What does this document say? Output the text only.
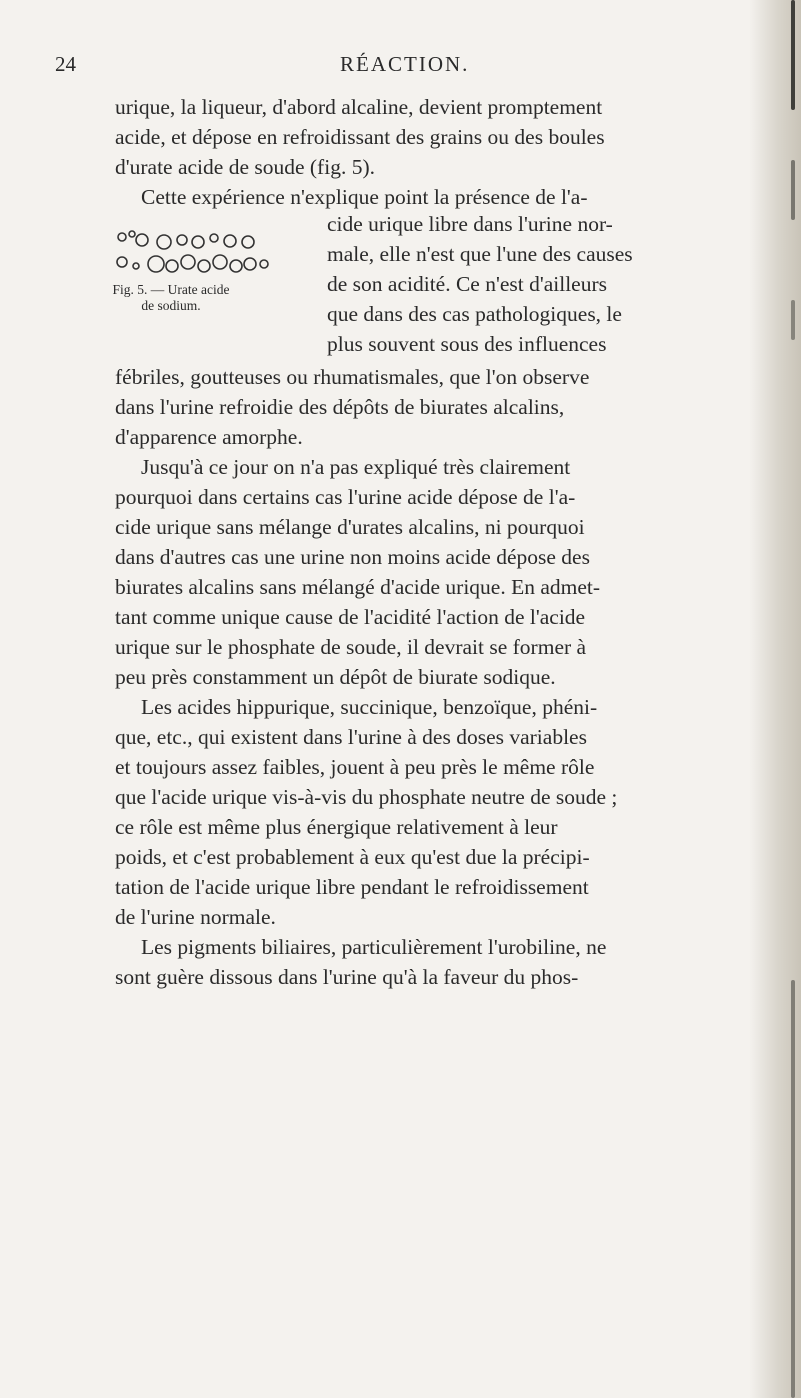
24	RÉACTION.
urique, la liqueur, d'abord alcaline, devient promptement
acide, et dépose en refroidissant des grains ou des boules
d'urate acide de soude (fig. 5).
Cette expérience n'explique point la présence de l'a-
Fig. 5. — Urate acide
de sodium.
cide urique libre dans l'urine nor-
male, elle n'est que l'une des causes
de son acidité. Ce n'est d'ailleurs
que dans des cas pathologiques, le
plus souvent sous des influences
fébriles, goutteuses ou rhumatismales, que l'on observe
dans l'urine refroidie des dépôts de biurates alcalins,
d'apparence amorphe.
Jusqu'à ce jour on n'a pas expliqué très clairement
pourquoi dans certains cas l'urine acide dépose de l'a-
cide urique sans mélange d'urates alcalins, ni pourquoi
dans d'autres cas une urine non moins acide dépose des
biurates alcalins sans mélangé d'acide urique. En admet-
tant comme unique cause de l'acidité l'action de l'acide
urique sur le phosphate de soude, il devrait se former à
peu près constamment un dépôt de biurate sodique.
Les acides hippurique, succinique, benzoïque, phéni-
que, etc., qui existent dans l'urine à des doses variables
et toujours assez faibles, jouent à peu près le même rôle
que l'acide urique vis-à-vis du phosphate neutre de soude ;
ce rôle est même plus énergique relativement à leur
poids, et c'est probablement à eux qu'est due la précipi-
tation de l'acide urique libre pendant le refroidissement
de l'urine normale.
Les pigments biliaires, particulièrement l'urobiline, ne
sont guère dissous dans l'urine qu'à la faveur du phos-
